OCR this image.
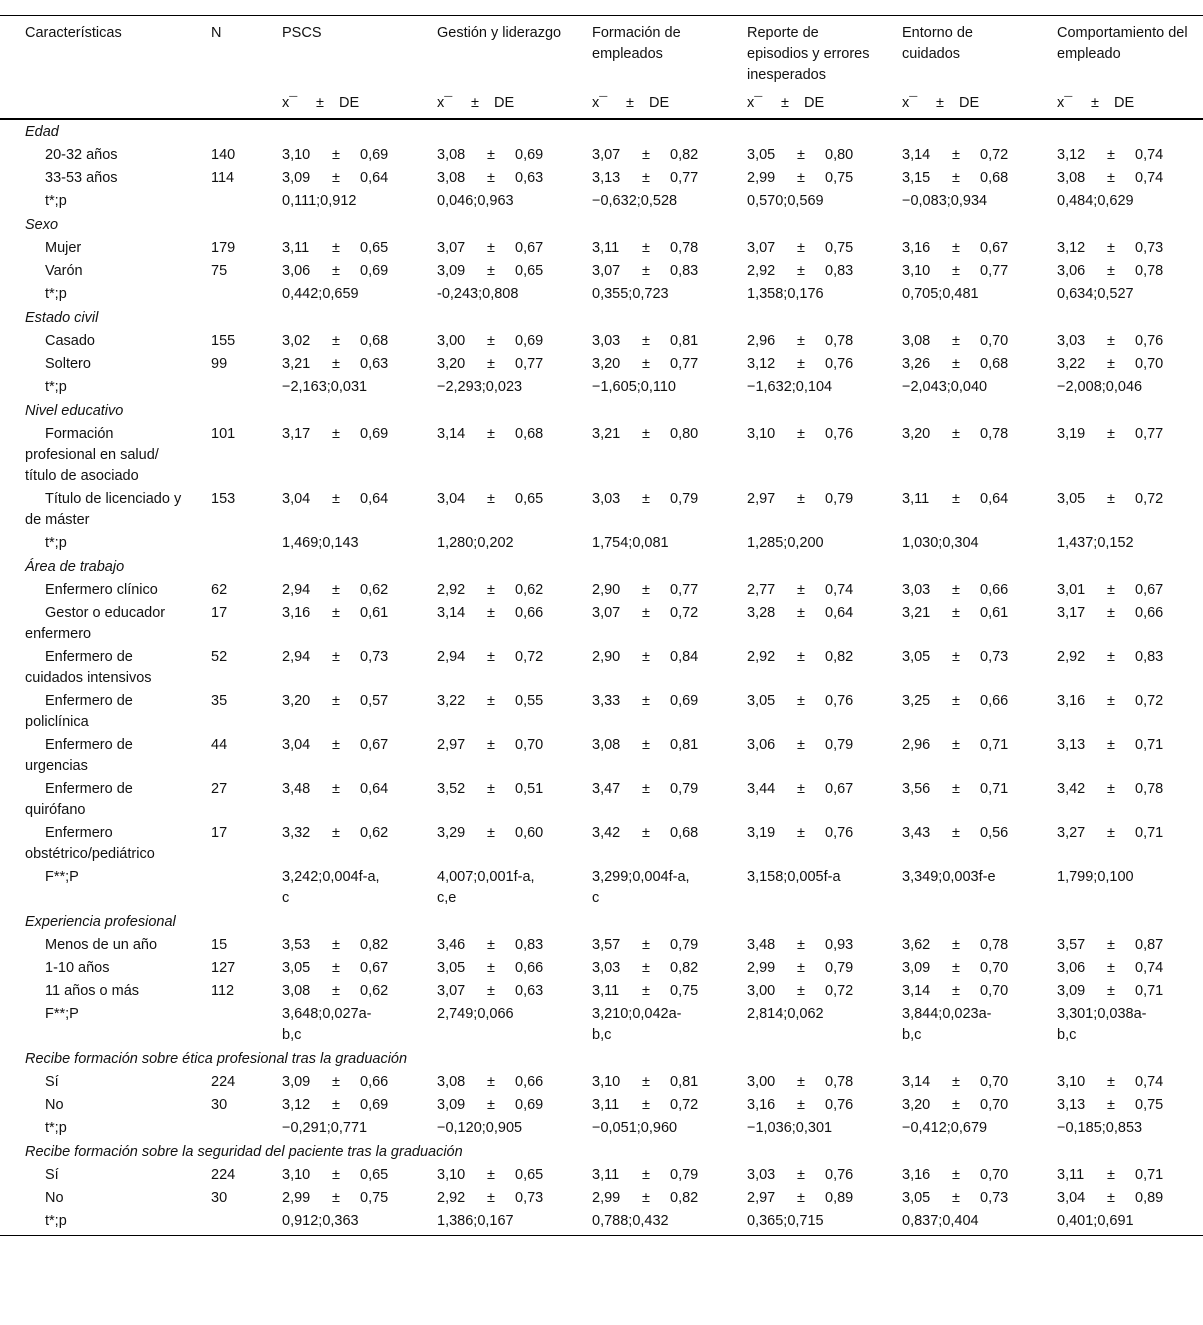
Características	N	PSCS	Gestión y liderazgo	Formación de empleados	Reporte de episodios y errores inesperados	Entorno de cuidados	Comportamiento del empleado

		x¯ ± DE	x¯ ± DE	x¯ ± DE	x¯ ± DE	x¯ ± DE	x¯ ± DE

Edad							
20-32 años	140	3,10 ± 0,69	3,08 ± 0,69	3,07 ± 0,82	3,05 ± 0,80	3,14 ± 0,72	3,12 ± 0,74

33-53 años	114	3,09 ± 0,64	3,08 ± 0,63	3,13 ± 0,77	2,99 ± 0,75	3,15 ± 0,68	3,08 ± 0,74

t*;p		0,111;0,912	0,046;0,963	−0,632;0,528	0,570;0,569	−0,083;0,934	0,484;0,629

Sexo							
Mujer	179	3,11 ± 0,65	3,07 ± 0,67	3,11 ± 0,78	3,07 ± 0,75	3,16 ± 0,67	3,12 ± 0,73

Varón	75	3,06 ± 0,69	3,09 ± 0,65	3,07 ± 0,83	2,92 ± 0,83	3,10 ± 0,77	3,06 ± 0,78

t*;p		0,442;0,659	-0,243;0,808	0,355;0,723	1,358;0,176	0,705;0,481	0,634;0,527

Estado civil							
Casado	155	3,02 ± 0,68	3,00 ± 0,69	3,03 ± 0,81	2,96 ± 0,78	3,08 ± 0,70	3,03 ± 0,76

Soltero	99	3,21 ± 0,63	3,20 ± 0,77	3,20 ± 0,77	3,12 ± 0,76	3,26 ± 0,68	3,22 ± 0,70

t*;p		−2,163;0,031	−2,293;0,023	−1,605;0,110	−1,632;0,104	−2,043;0,040	−2,008;0,046

Nivel educativo							
Formación profesional en salud/ título de asociado	101	3,17 ± 0,69	3,14 ± 0,68	3,21 ± 0,80	3,10 ± 0,76	3,20 ± 0,78	3,19 ± 0,77

Título de licenciado y de máster	153	3,04 ± 0,64	3,04 ± 0,65	3,03 ± 0,79	2,97 ± 0,79	3,11 ± 0,64	3,05 ± 0,72

t*;p		1,469;0,143	1,280;0,202	1,754;0,081	1,285;0,200	1,030;0,304	1,437;0,152

Área de trabajo							
Enfermero clínico	62	2,94 ± 0,62	2,92 ± 0,62	2,90 ± 0,77	2,77 ± 0,74	3,03 ± 0,66	3,01 ± 0,67

Gestor o educador enfermero	17	3,16 ± 0,61	3,14 ± 0,66	3,07 ± 0,72	3,28 ± 0,64	3,21 ± 0,61	3,17 ± 0,66

Enfermero de cuidados intensivos	52	2,94 ± 0,73	2,94 ± 0,72	2,90 ± 0,84	2,92 ± 0,82	3,05 ± 0,73	2,92 ± 0,83

Enfermero de policlínica	35	3,20 ± 0,57	3,22 ± 0,55	3,33 ± 0,69	3,05 ± 0,76	3,25 ± 0,66	3,16 ± 0,72

Enfermero de urgencias	44	3,04 ± 0,67	2,97 ± 0,70	3,08 ± 0,81	3,06 ± 0,79	2,96 ± 0,71	3,13 ± 0,71

Enfermero de quirófano	27	3,48 ± 0,64	3,52 ± 0,51	3,47 ± 0,79	3,44 ± 0,67	3,56 ± 0,71	3,42 ± 0,78

Enfermero obstétrico/pediátrico	17	3,32 ± 0,62	3,29 ± 0,60	3,42 ± 0,68	3,19 ± 0,76	3,43 ± 0,56	3,27 ± 0,71

F**;P		3,242;0,004f-a,c	4,007;0,001f-a,c,e	3,299;0,004f-a,c	3,158;0,005f-a	3,349;0,003f-e	1,799;0,100

Experiencia profesional							
Menos de un año	15	3,53 ± 0,82	3,46 ± 0,83	3,57 ± 0,79	3,48 ± 0,93	3,62 ± 0,78	3,57 ± 0,87

1-10 años	127	3,05 ± 0,67	3,05 ± 0,66	3,03 ± 0,82	2,99 ± 0,79	3,09 ± 0,70	3,06 ± 0,74

11 años o más	112	3,08 ± 0,62	3,07 ± 0,63	3,11 ± 0,75	3,00 ± 0,72	3,14 ± 0,70	3,09 ± 0,71

F**;P		3,648;0,027a-b,c	2,749;0,066	3,210;0,042a-b,c	2,814;0,062	3,844;0,023a-b,c	3,301;0,038a-b,c

Recibe formación sobre ética profesional tras la graduación							
Sí	224	3,09 ± 0,66	3,08 ± 0,66	3,10 ± 0,81	3,00 ± 0,78	3,14 ± 0,70	3,10 ± 0,74

No	30	3,12 ± 0,69	3,09 ± 0,69	3,11 ± 0,72	3,16 ± 0,76	3,20 ± 0,70	3,13 ± 0,75

t*;p		−0,291;0,771	−0,120;0,905	−0,051;0,960	−1,036;0,301	−0,412;0,679	−0,185;0,853

Recibe formación sobre la seguridad del paciente tras la graduación							
Sí	224	3,10 ± 0,65	3,10 ± 0,65	3,11 ± 0,79	3,03 ± 0,76	3,16 ± 0,70	3,11 ± 0,71

No	30	2,99 ± 0,75	2,92 ± 0,73	2,99 ± 0,82	2,97 ± 0,89	3,05 ± 0,73	3,04 ± 0,89

t*;p		0,912;0,363	1,386;0,167	0,788;0,432	0,365;0,715	0,837;0,404	0,401;0,691
